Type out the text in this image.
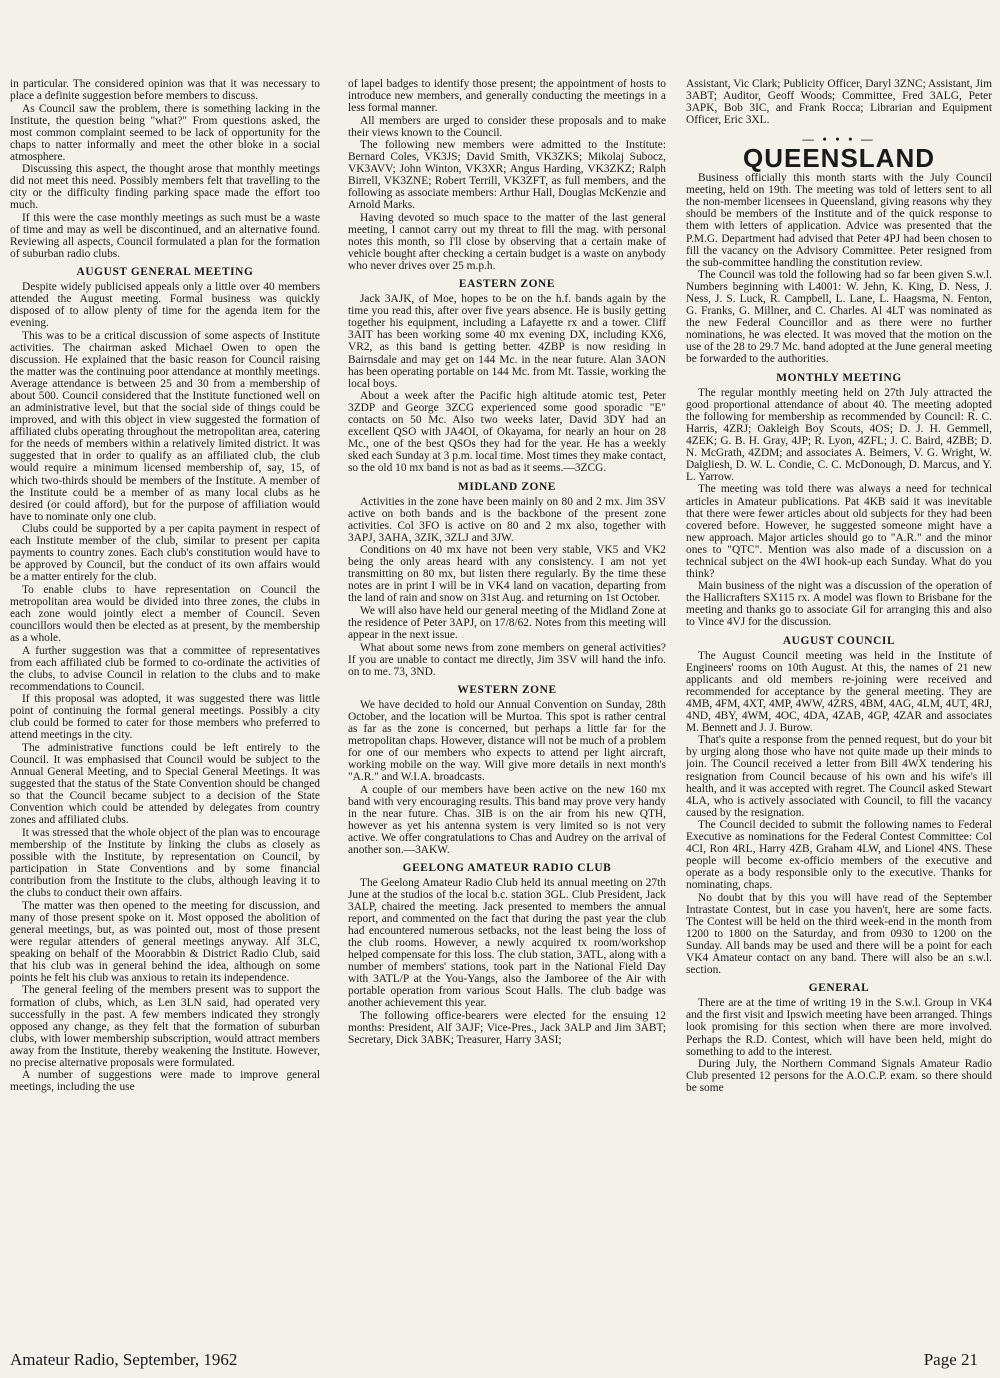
in particular. The considered opinion was that it was necessary to place a definite suggestion before members to discuss.

As Council saw the problem, there is something lacking in the Institute, the question being "what?" From questions asked, the most common complaint seemed to be lack of opportunity for the chaps to natter informally and meet the other bloke in a social atmosphere.

Discussing this aspect, the thought arose that monthly meetings did not meet this need. Possibly members felt that travelling to the city or the difficulty finding parking space made the effort too much.

If this were the case monthly meetings as such must be a waste of time and may as well be discontinued, and an alternative found. Reviewing all aspects, Council formulated a plan for the formation of suburban radio clubs.

AUGUST GENERAL MEETING

Despite widely publicised appeals only a little over 40 members attended the August meeting. Formal business was quickly disposed of to allow plenty of time for the agenda item for the evening.

This was to be a critical discussion of some aspects of Institute activities. The chairman asked Michael Owen to open the discussion. He explained that the basic reason for Council raising the matter was the continuing poor attendance at monthly meetings. Average attendance is between 25 and 30 from a membership of about 500. Council considered that the Institute functioned well on an administrative level, but that the social side of things could be improved, and with this object in view suggested the formation of affiliated clubs operating throughout the metropolitan area, catering for the needs of members within a relatively limited district. It was suggested that in order to qualify as an affiliated club, the club would require a minimum licensed membership of, say, 15, of which two-thirds should be members of the Institute. A member of the Institute could be a member of as many local clubs as he desired (or could afford), but for the purpose of affiliation would have to nominate only one club.

Clubs could be supported by a per capita payment in respect of each Institute member of the club, similar to present per capita payments to country zones. Each club's constitution would have to be approved by Council, but the conduct of its own affairs would be a matter entirely for the club.

To enable clubs to have representation on Council the metropolitan area would be divided into three zones, the clubs in each zone would jointly elect a member of Council. Seven councillors would then be elected as at present, by the membership as a whole.

A further suggestion was that a committee of representatives from each affiliated club be formed to co-ordinate the activities of the clubs, to advise Council in relation to the clubs and to make recommendations to Council.

If this proposal was adopted, it was suggested there was little point of continuing the formal general meetings. Possibly a city club could be formed to cater for those members who preferred to attend meetings in the city.

The administrative functions could be left entirely to the Council. It was emphasised that Council would be subject to the Annual General Meeting, and to Special General Meetings. It was suggested that the status of the State Convention should be changed so that the Council became subject to a decision of the State Convention which could be attended by delegates from country zones and affiliated clubs.

It was stressed that the whole object of the plan was to encourage membership of the Institute by linking the clubs as closely as possible with the Institute, by representation on Council, by participation in State Conventions and by some financial contribution from the Institute to the clubs, although leaving it to the clubs to conduct their own affairs.

The matter was then opened to the meeting for discussion, and many of those present spoke on it. Most opposed the abolition of general meetings, but, as was pointed out, most of those present were regular attenders of general meetings anyway. Alf 3LC, speaking on behalf of the Moorabbin & District Radio Club, said that his club was in general behind the idea, although on some points he felt his club was anxious to retain its independence.

The general feeling of the members present was to support the formation of clubs, which, as Len 3LN said, had operated very successfully in the past. A few members indicated they strongly opposed any change, as they felt that the formation of suburban clubs, with lower membership subscription, would attract members away from the Institute, thereby weakening the Institute. However, no precise alternative proposals were formulated.

A number of suggestions were made to improve general meetings, including the use

of lapel badges to identify those present; the appointment of hosts to introduce new members, and generally conducting the meetings in a less formal manner.

All members are urged to consider these proposals and to make their views known to the Council.

The following new members were admitted to the Institute: Bernard Coles, VK3JS; David Smith, VK3ZKS; Mikolaj Subocz, VK3AVV; John Winton, VK3XR; Angus Harding, VK3ZKZ; Ralph Birrell, VK3ZNE; Robert Terrill, VK3ZFT, as full members, and the following as associate members: Arthur Hall, Douglas McKenzie and Arnold Marks.

Having devoted so much space to the matter of the last general meeting, I cannot carry out my threat to fill the mag. with personal notes this month, so I'll close by observing that a certain make of vehicle bought after checking a certain budget is a waste on anybody who never drives over 25 m.p.h.

EASTERN ZONE

Jack 3AJK, of Moe, hopes to be on the h.f. bands again by the time you read this, after over five years absence. He is busily getting together his equipment, including a Lafayette rx and a tower. Cliff 3AIT has been working some 40 mx evening DX, including KX6, VR2, as this band is getting better. 4ZBP is now residing in Bairnsdale and may get on 144 Mc. in the near future. Alan 3AON has been operating portable on 144 Mc. from Mt. Tassie, working the local boys.

About a week after the Pacific high altitude atomic test, Peter 3ZDP and George 3ZCG experienced some good sporadic "E" contacts on 50 Mc. Also two weeks later, David 3DY had an excellent QSO with JA4OI, of Okayama, for nearly an hour on 28 Mc., one of the best QSOs they had for the year. He has a weekly sked each Sunday at 3 p.m. local time. Most times they make contact, so the old 10 mx band is not as bad as it seems.—3ZCG.

MIDLAND ZONE

Activities in the zone have been mainly on 80 and 2 mx. Jim 3SV active on both bands and is the backbone of the present zone activities. Col 3FO is active on 80 and 2 mx also, together with 3APJ, 3AHA, 3ZIK, 3ZLJ and 3JW.

Conditions on 40 mx have not been very stable, VK5 and VK2 being the only areas heard with any consistency. I am not yet transmitting on 80 mx, but listen there regularly. By the time these notes are in print I will be in VK4 land on vacation, departing from the land of rain and snow on 31st Aug. and returning on 1st October.

We will also have held our general meeting of the Midland Zone at the residence of Peter 3APJ, on 17/8/62. Notes from this meeting will appear in the next issue.

What about some news from zone members on general activities? If you are unable to contact me directly, Jim 3SV will hand the info. on to me. 73, 3ND.

WESTERN ZONE

We have decided to hold our Annual Convention on Sunday, 28th October, and the location will be Murtoa. This spot is rather central as far as the zone is concerned, but perhaps a little far for the metropolitan chaps. However, distance will not be much of a problem for one of our members who expects to attend per light aircraft, working mobile on the way. Will give more details in next month's "A.R." and W.I.A. broadcasts.

A couple of our members have been active on the new 160 mx band with very encouraging results. This band may prove very handy in the near future. Chas. 3IB is on the air from his new QTH, however as yet his antenna system is very limited so is not very active. We offer congratulations to Chas and Audrey on the arrival of another son.—3AKW.

GEELONG AMATEUR RADIO CLUB

The Geelong Amateur Radio Club held its annual meeting on 27th June at the studios of the local b.c. station 3GL. Club President, Jack 3ALP, chaired the meeting. Jack presented to members the annual report, and commented on the fact that during the past year the club had encountered numerous setbacks, not the least being the loss of the club rooms. However, a newly acquired tx room/workshop helped compensate for this loss. The club station, 3ATL, along with a number of members' stations, took part in the National Field Day with 3ATL/P at the You-Yangs, also the Jamboree of the Air with portable operation from various Scout Halls. The club badge was another achievement this year.

The following office-bearers were elected for the ensuing 12 months: President, Alf 3AJF; Vice-Pres., Jack 3ALP and Jim 3ABT; Secretary, Dick 3ABK; Treasurer, Harry 3ASI;

Assistant, Vic Clark; Publicity Officer, Daryl 3ZNC; Assistant, Jim 3ABT; Auditor, Geoff Woods; Committee, Fred 3ALG, Peter 3APK, Bob 3IC, and Frank Rocca; Librarian and Equipment Officer, Eric 3XL.

— • • • —
QUEENSLAND

Business officially this month starts with the July Council meeting, held on 19th. The meeting was told of letters sent to all the non-member licensees in Queensland, giving reasons why they should be members of the Institute and of the quick response to them with letters of application. Advice was presented that the P.M.G. Department had advised that Peter 4PJ had been chosen to fill the vacancy on the Advisory Committee. Peter resigned from the sub-committee handling the constitution review.

The Council was told the following had so far been given S.w.l. Numbers beginning with L4001: W. Jehn, K. King, D. Ness, J. Ness, J. S. Luck, R. Campbell, L. Lane, L. Haagsma, N. Fenton, G. Franks, G. Millner, and C. Charles. Al 4LT was nominated as the new Federal Councillor and as there were no further nominations, he was elected. It was moved that the motion on the use of the 28 to 29.7 Mc. band adopted at the June general meeting be forwarded to the authorities.

MONTHLY MEETING

The regular monthly meeting held on 27th July attracted the good proportional attendance of about 40. The meeting adopted the following for membership as recommended by Council: R. C. Harris, 4ZRJ; Oakleigh Boy Scouts, 4OS; D. J. H. Gemmell, 4ZEK; G. B. H. Gray, 4JP; R. Lyon, 4ZFL; J. C. Baird, 4ZBB; D. N. McGrath, 4ZDM; and associates A. Beimers, V. G. Wright, W. Dalgliesh, D. W. L. Condie, C. C. McDonough, D. Marcus, and Y. L. Yarrow.

The meeting was told there was always a need for technical articles in Amateur publications. Pat 4KB said it was inevitable that there were fewer articles about old subjects for they had been covered before. However, he suggested someone might have a new approach. Major articles should go to "A.R." and the minor ones to "QTC". Mention was also made of a discussion on a technical subject on the 4WI hook-up each Sunday. What do you think?

Main business of the night was a discussion of the operation of the Hallicrafters SX115 rx. A model was flown to Brisbane for the meeting and thanks go to associate Gil for arranging this and also to Vince 4VJ for the discussion.

AUGUST COUNCIL

The August Council meeting was held in the Institute of Engineers' rooms on 10th August. At this, the names of 21 new applicants and old members re-joining were received and recommended for acceptance by the general meeting. They are 4MB, 4FM, 4XT, 4MP, 4WW, 4ZRS, 4BM, 4AG, 4LM, 4UT, 4RJ, 4ND, 4BY, 4WM, 4OC, 4DA, 4ZAB, 4GP, 4ZAR and associates M. Bennett and J. J. Burow.

That's quite a response from the penned request, but do your bit by urging along those who have not quite made up their minds to join. The Council received a letter from Bill 4WX tendering his resignation from Council because of his own and his wife's ill health, and it was accepted with regret. The Council asked Stewart 4LA, who is actively associated with Council, to fill the vacancy caused by the resignation.

The Council decided to submit the following names to Federal Executive as nominations for the Federal Contest Committee: Col 4CI, Ron 4RL, Harry 4ZB, Graham 4LW, and Lionel 4NS. These people will become ex-officio members of the executive and operate as a body responsible only to the executive. Thanks for nominating, chaps.

No doubt that by this you will have read of the September Intrastate Contest, but in case you haven't, here are some facts. The Contest will be held on the third week-end in the month from 1200 to 1800 on the Saturday, and from 0930 to 1200 on the Sunday. All bands may be used and there will be a point for each VK4 Amateur contact on any band. There will also be an s.w.l. section.

GENERAL

There are at the time of writing 19 in the S.w.l. Group in VK4 and the first visit and Ipswich meeting have been arranged. Things look promising for this section when there are more involved. Perhaps the R.D. Contest, which will have been held, might do something to add to the interest.

During July, the Northern Command Signals Amateur Radio Club presented 12 persons for the A.O.C.P. exam. so there should be some

Amateur Radio, September, 1962	Page 21
